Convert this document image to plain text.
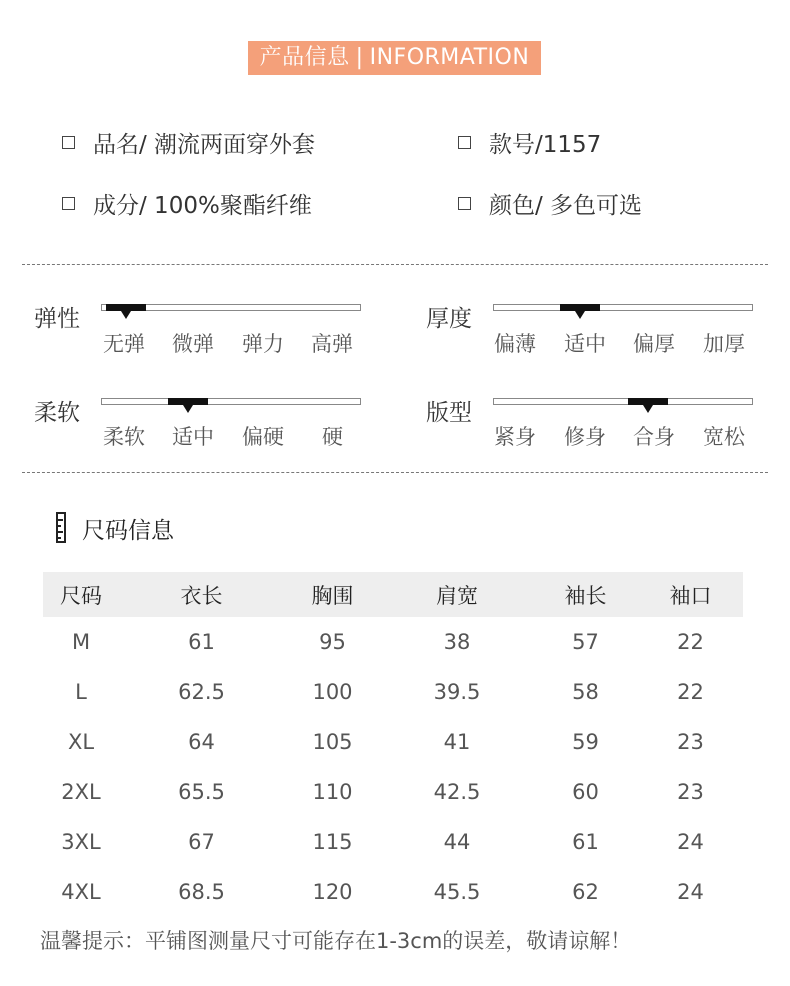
产品信息 | INFORMATION
品名/ 潮流两面穿外套	款号/1157
成分/ 100%聚酯纤维	颜色/ 多色可选
弹性
无弹 微弹 弹力 高弹
厚度
偏薄 适中 偏厚 加厚
柔软
柔软 适中 偏硬 硬
版型
紧身 修身 合身 宽松
尺码信息
尺码	衣长	胸围	肩宽	袖长	袖口
M	61	95	38	57	22
L	62.5	100	39.5	58	22
XL	64	105	41	59	23
2XL	65.5	110	42.5	60	23
3XL	67	115	44	61	24
4XL	68.5	120	45.5	62	24
温馨提示：平铺图测量尺寸可能存在1-3cm的误差，敬请谅解！
